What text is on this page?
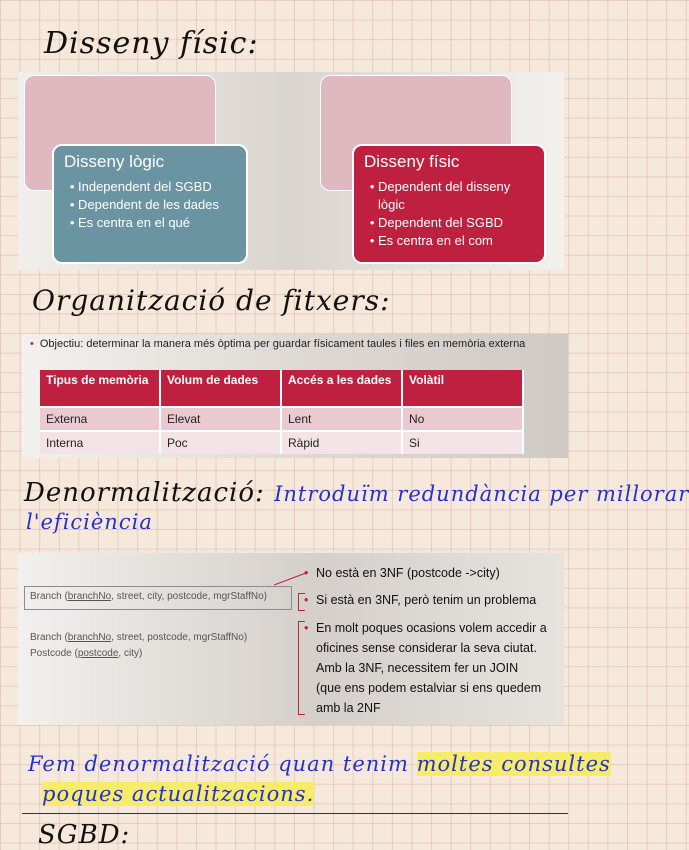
Disseny físic:
Disseny lògic
• Independent del SGBD
• Dependent de les dades
• Es centra en el qué
Disseny físic
• Dependent del disseny lògic
• Dependent del SGBD
• Es centra en el com
Organització de fitxers:
• Objectiu: determinar la manera més òptima per guardar físicament taules i files en memòria externa
Tipus de memòria	Volum de dades	Accés a les dades	Volàtil
Externa	Elevat	Lent	No
Interna	Poc	Ràpid	Si
Denormalització: Introduïm redundància per millorar
l'eficiència
Branch (branchNo, street, city, postcode, mgrStaffNo)
Branch (branchNo, street, postcode, mgrStaffNo)
Postcode (postcode, city)
• No està en 3NF (postcode ->city)
• Si està en 3NF, però tenim un problema
• En molt poques ocasions volem accedir a
oficines sense considerar la seva ciutat.
Amb la 3NF, necessitem fer un JOIN
(que ens podem estalviar si ens quedem
amb la 2NF
Fem denormalització quan tenim moltes consultes
poques actualitzacions.
SGBD:
